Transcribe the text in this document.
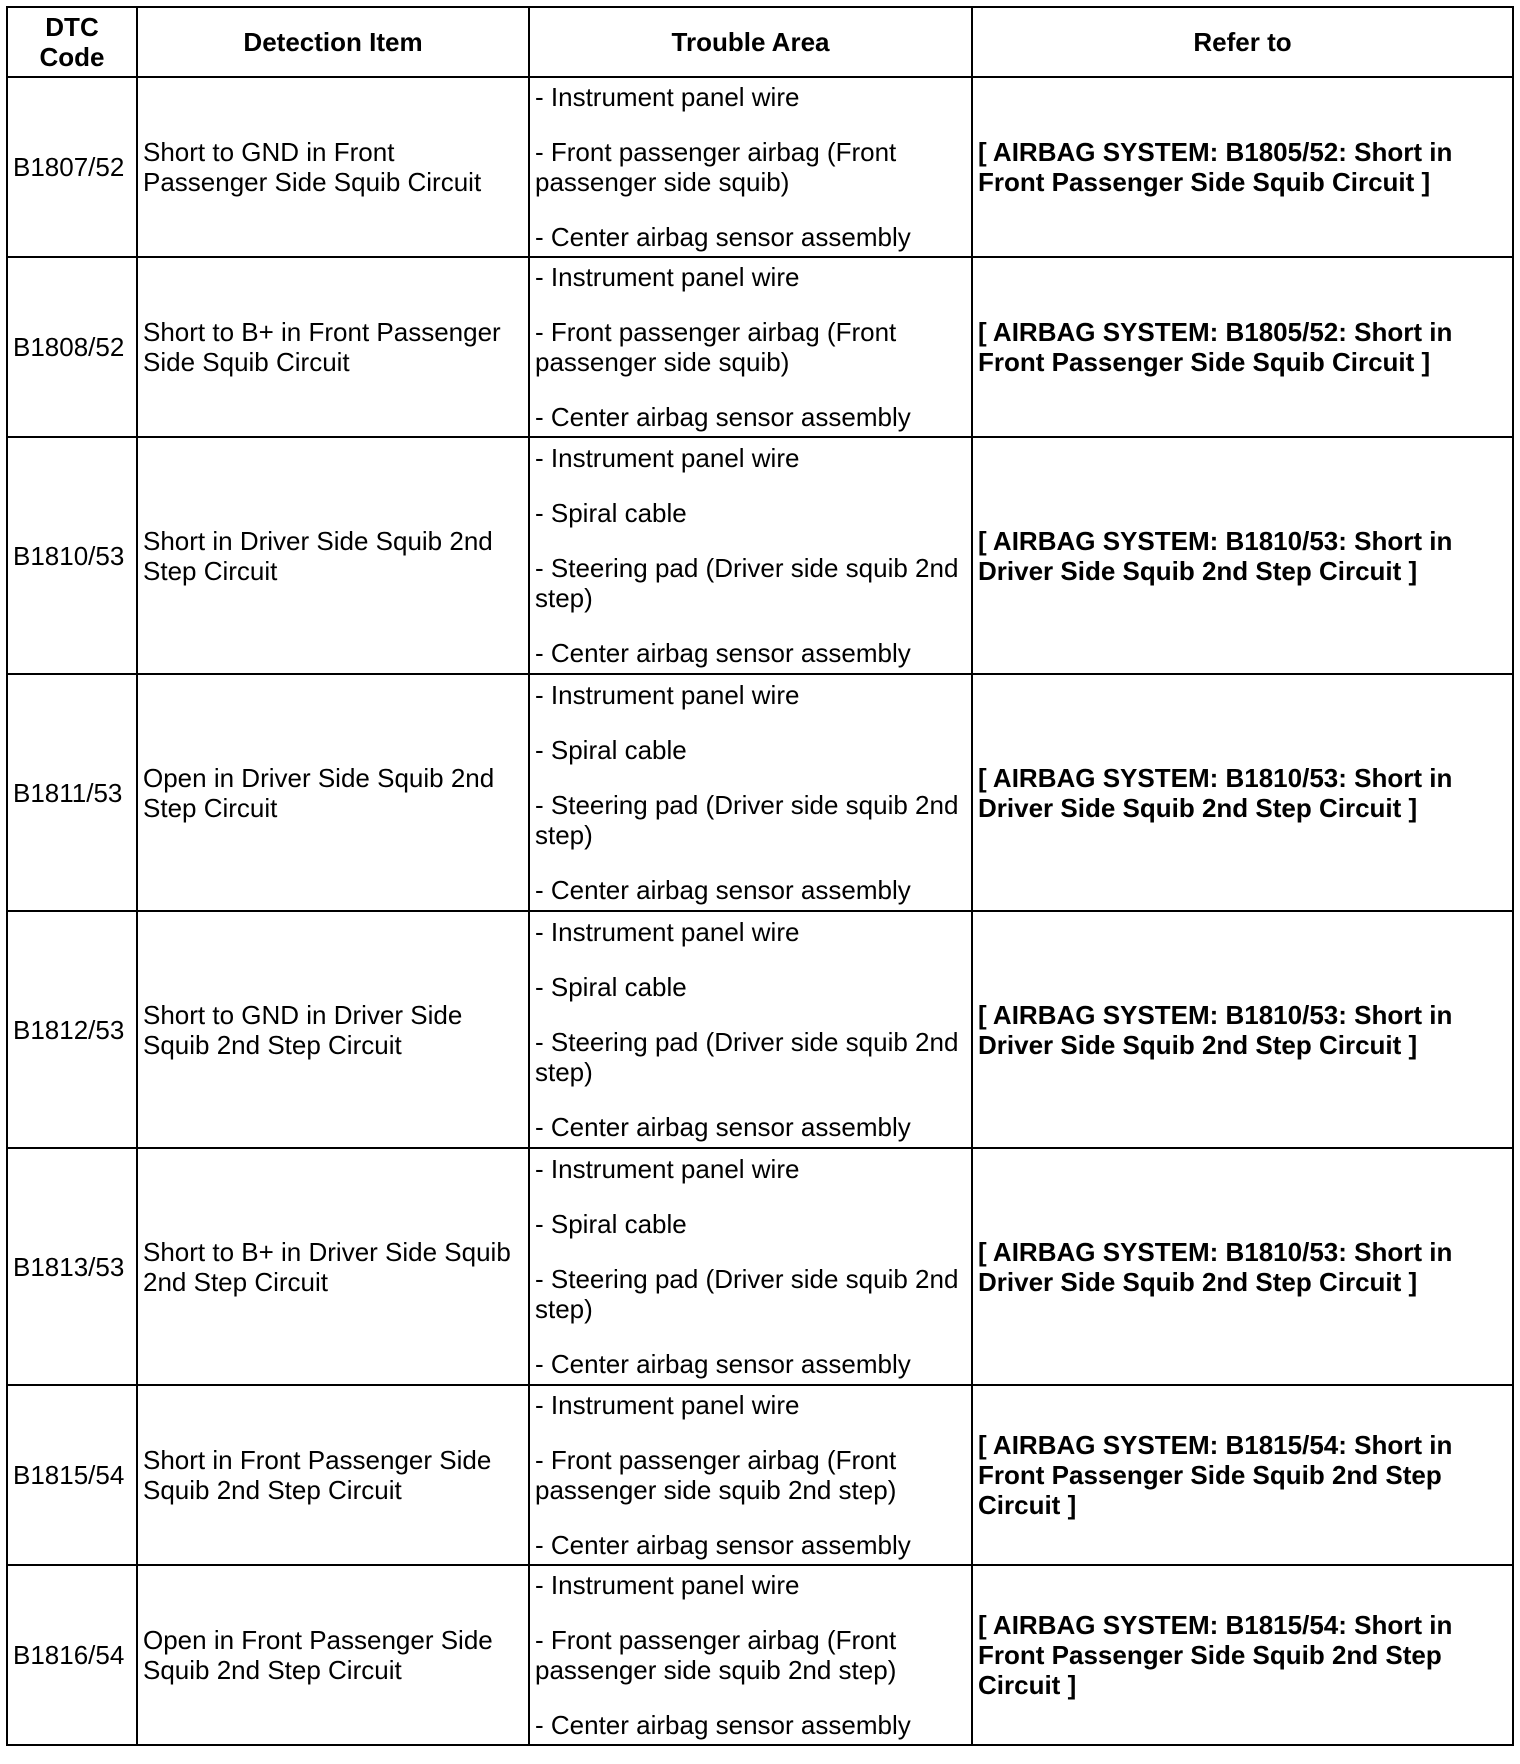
DTC Code	Detection Item	Trouble Area	Refer to
B1807/52	Short to GND in Front Passenger Side Squib Circuit	- Instrument panel wire
- Front passenger airbag (Front passenger side squib)
- Center airbag sensor assembly	[ AIRBAG SYSTEM: B1805/52: Short in Front Passenger Side Squib Circuit ]
B1808/52	Short to B+ in Front Passenger Side Squib Circuit	- Instrument panel wire
- Front passenger airbag (Front passenger side squib)
- Center airbag sensor assembly	[ AIRBAG SYSTEM: B1805/52: Short in Front Passenger Side Squib Circuit ]
B1810/53	Short in Driver Side Squib 2nd Step Circuit	- Instrument panel wire
- Spiral cable
- Steering pad (Driver side squib 2nd step)
- Center airbag sensor assembly	[ AIRBAG SYSTEM: B1810/53: Short in Driver Side Squib 2nd Step Circuit ]
B1811/53	Open in Driver Side Squib 2nd Step Circuit	- Instrument panel wire
- Spiral cable
- Steering pad (Driver side squib 2nd step)
- Center airbag sensor assembly	[ AIRBAG SYSTEM: B1810/53: Short in Driver Side Squib 2nd Step Circuit ]
B1812/53	Short to GND in Driver Side Squib 2nd Step Circuit	- Instrument panel wire
- Spiral cable
- Steering pad (Driver side squib 2nd step)
- Center airbag sensor assembly	[ AIRBAG SYSTEM: B1810/53: Short in Driver Side Squib 2nd Step Circuit ]
B1813/53	Short to B+ in Driver Side Squib 2nd Step Circuit	- Instrument panel wire
- Spiral cable
- Steering pad (Driver side squib 2nd step)
- Center airbag sensor assembly	[ AIRBAG SYSTEM: B1810/53: Short in Driver Side Squib 2nd Step Circuit ]
B1815/54	Short in Front Passenger Side Squib 2nd Step Circuit	- Instrument panel wire
- Front passenger airbag (Front passenger side squib 2nd step)
- Center airbag sensor assembly	[ AIRBAG SYSTEM: B1815/54: Short in Front Passenger Side Squib 2nd Step Circuit ]
B1816/54	Open in Front Passenger Side Squib 2nd Step Circuit	- Instrument panel wire
- Front passenger airbag (Front passenger side squib 2nd step)
- Center airbag sensor assembly	[ AIRBAG SYSTEM: B1815/54: Short in Front Passenger Side Squib 2nd Step Circuit ]
